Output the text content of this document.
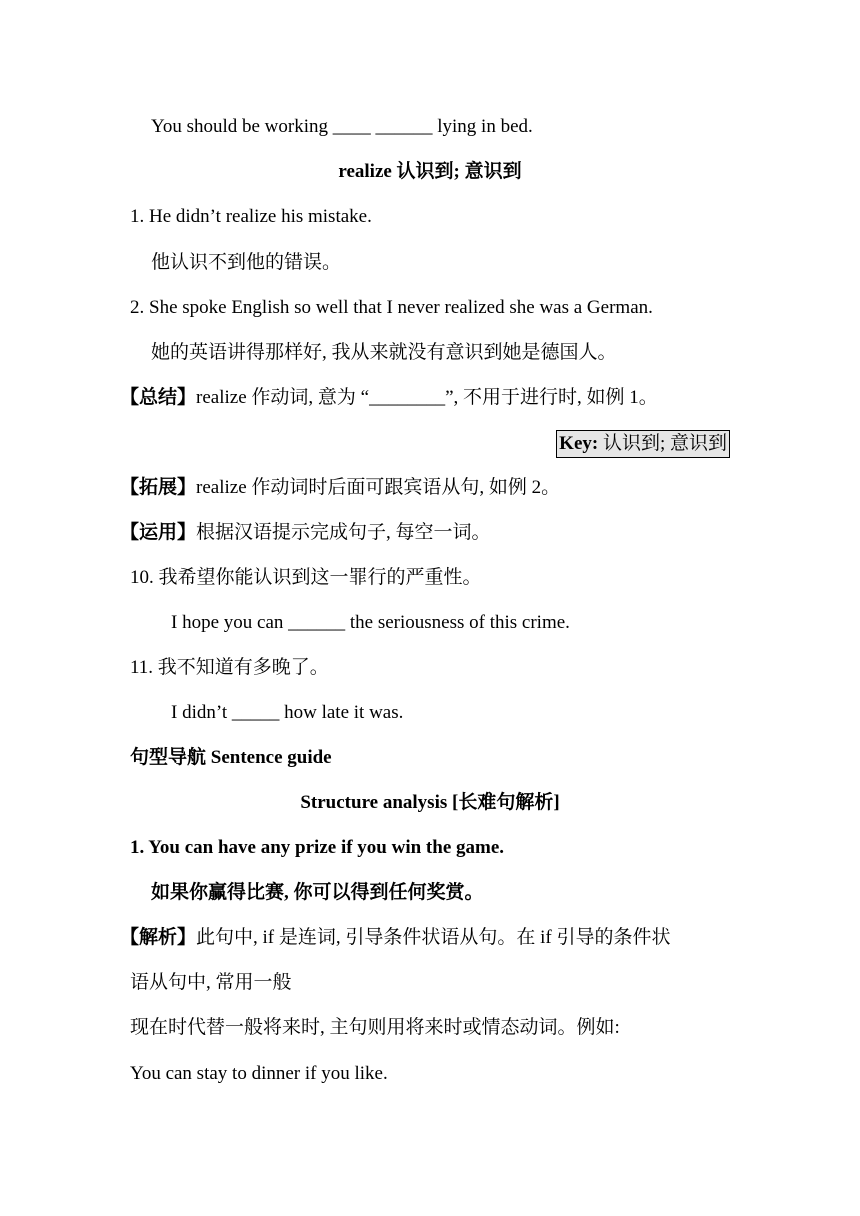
You should be working ____ ______ lying in bed.
realize 认识到; 意识到
1. He didn’t realize his mistake.
他认识不到他的错误。
2. She spoke English so well that I never realized she was a German.
她的英语讲得那样好, 我从来就没有意识到她是德国人。
【总结】realize 作动词, 意为 “________”, 不用于进行时, 如例 1。
Key: 认识到; 意识到
【拓展】realize 作动词时后面可跟宾语从句, 如例 2。
【运用】根据汉语提示完成句子, 每空一词。
10. 我希望你能认识到这一罪行的严重性。
I hope you can ______ the seriousness of this crime.
11. 我不知道有多晚了。
I didn’t _____ how late it was.
句型导航 Sentence guide
Structure analysis [长难句解析]
1. You can have any prize if you win the game.
如果你赢得比赛, 你可以得到任何奖赏。
【解析】此句中, if 是连词, 引导条件状语从句。在 if 引导的条件状
语从句中, 常用一般
现在时代替一般将来时, 主句则用将来时或情态动词。例如:
You can stay to dinner if you like.
